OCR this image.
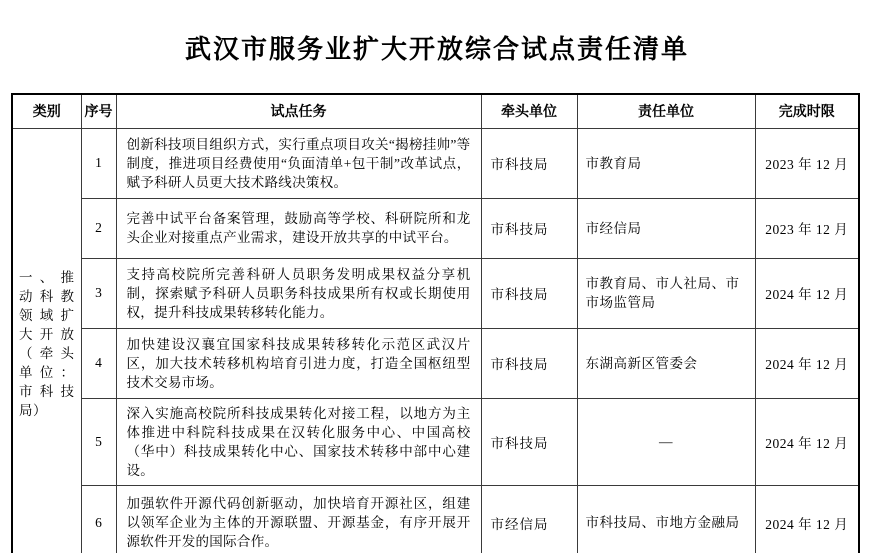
武汉市服务业扩大开放综合试点责任清单
类别	序号	试点任务	牵头单位	责任单位	完成时限
一、推动科教领域扩大开放（牵头单位：市科技局）	1	创新科技项目组织方式，实行重点项目攻关“揭榜挂帅”等制度，推进项目经费使用“负面清单+包干制”改革试点，赋予科研人员更大技术路线决策权。	市科技局	市教育局	2023 年 12 月
	2	完善中试平台备案管理，鼓励高等学校、科研院所和龙头企业对接重点产业需求，建设开放共享的中试平台。	市科技局	市经信局	2023 年 12 月
	3	支持高校院所完善科研人员职务发明成果权益分享机制，探索赋予科研人员职务科技成果所有权或长期使用权，提升科技成果转移转化能力。	市科技局	市教育局、市人社局、市市场监管局	2024 年 12 月
	4	加快建设汉襄宜国家科技成果转移转化示范区武汉片区，加大技术转移机构培育引进力度，打造全国枢纽型技术交易市场。	市科技局	东湖高新区管委会	2024 年 12 月
	5	深入实施高校院所科技成果转化对接工程，以地方为主体推进中科院科技成果在汉转化服务中心、中国高校（华中）科技成果转化中心、国家技术转移中部中心建设。	市科技局	—	2024 年 12 月
	6	加强软件开源代码创新驱动，加快培育开源社区，组建以领军企业为主体的开源联盟、开源基金，有序开展开源软件开发的国际合作。	市经信局	市科技局、市地方金融局	2024 年 12 月
